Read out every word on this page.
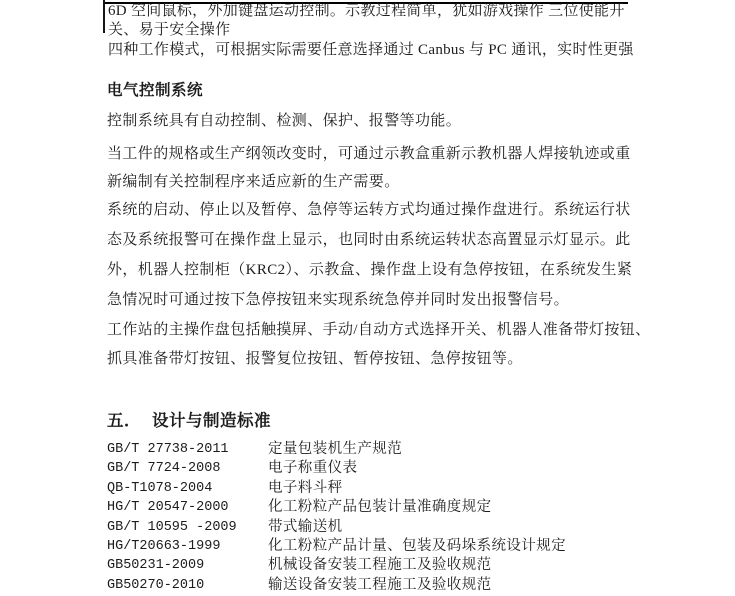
6D 空间鼠标，外加键盘运动控制。示教过程简单，犹如游戏操作 三位使能开
关、易于安全操作
四种工作模式，可根据实际需要任意选择通过 Canbus 与 PC 通讯，实时性更强
电气控制系统
控制系统具有自动控制、检测、保护、报警等功能。
当工件的规格或生产纲领改变时，可通过示教盒重新示教机器人焊接轨迹或重
新编制有关控制程序来适应新的生产需要。
系统的启动、停止以及暂停、急停等运转方式均通过操作盘进行。系统运行状
态及系统报警可在操作盘上显示，也同时由系统运转状态高置显示灯显示。此
外，机器人控制柜（KRC2）、示教盒、操作盘上设有急停按钮，在系统发生紧
急情况时可通过按下急停按钮来实现系统急停并同时发出报警信号。
工作站的主操作盘包括触摸屏、手动/自动方式选择开关、机器人准备带灯按钮、
抓具准备带灯按钮、报警复位按钮、暂停按钮、急停按钮等。
五． 设计与制造标准
GB/T 27738-2011	定量包装机生产规范
GB/T 7724-2008	电子称重仪表
QB-T1078-2004	电子料斗秤
HG/T 20547-2000	化工粉粒产品包装计量准确度规定
GB/T 10595 -2009	带式输送机
HG/T20663-1999	化工粉粒产品计量、包装及码垛系统设计规定
GB50231-2009	机械设备安装工程施工及验收规范
GB50270-2010	输送设备安装工程施工及验收规范
